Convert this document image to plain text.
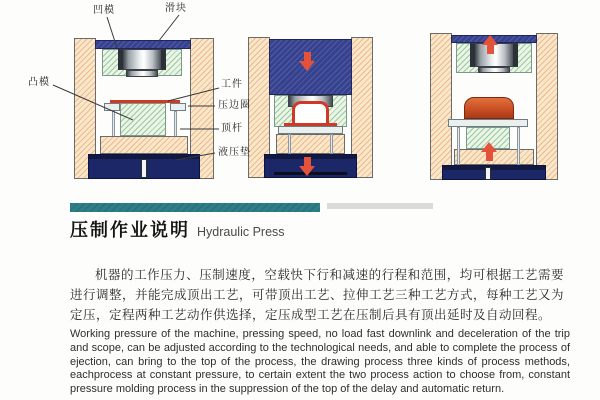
凹模	滑块
凸模	工件
压边圈
顶杆
液压垫
压制作业说明 Hydraulic Press

机器的工作压力、压制速度，空载快下行和减速的行程和范围，均可根据工艺需要进行调整，并能完成顶出工艺，可带顶出工艺、拉伸工艺三种工艺方式，每种工艺又为定压，定程两种工艺动作供选择，定压成型工艺在压制后具有顶出延时及自动回程。

Working pressure of the machine, pressing speed, no load fast downlink and deceleration of the trip and scope, can be adjusted according to the technological needs, and able to complete the process of ejection, can bring to the top of the process, the drawing process three kinds of process methods, eachprocess at constant pressure, to certain extent the two process action to choose from, constant pressure molding process in the suppression of the top of the delay and automatic return.
